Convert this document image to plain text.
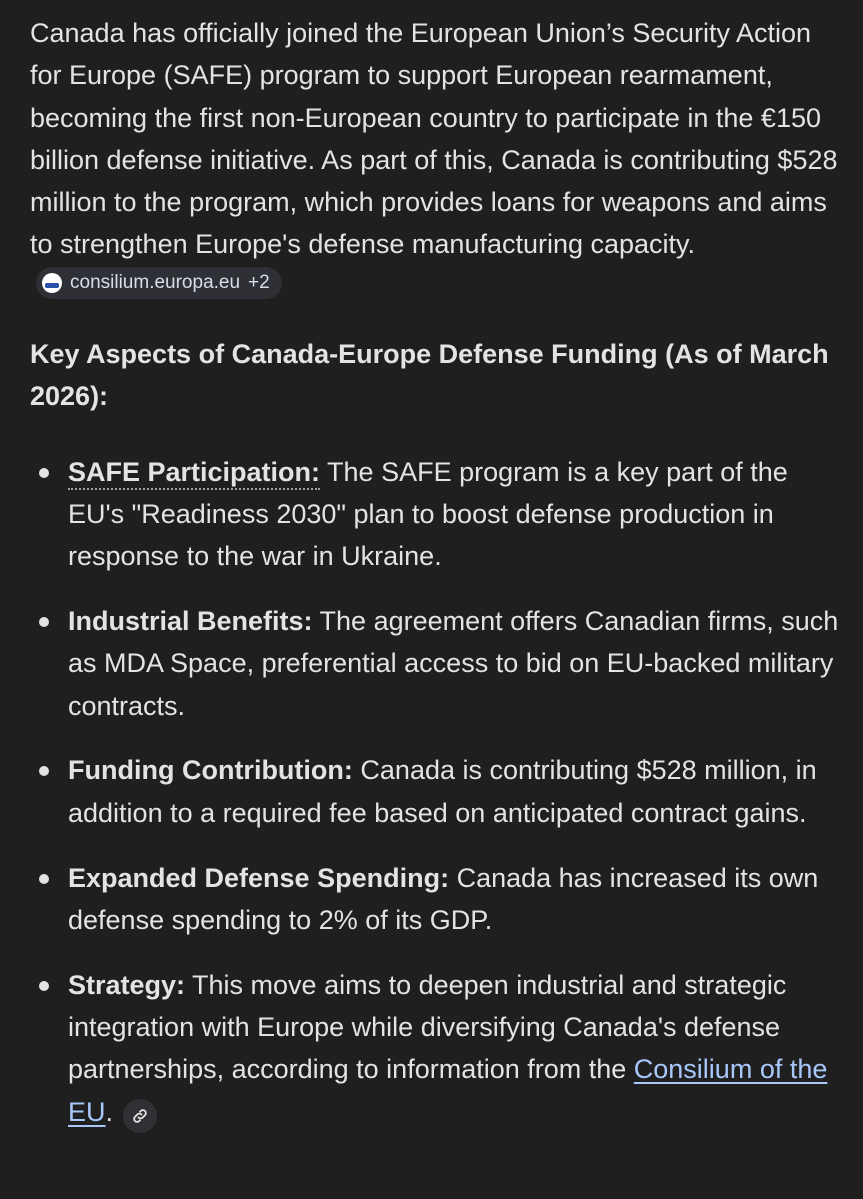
Canada has officially joined the European Union’s Security Action for Europe (SAFE) program to support European rearmament, becoming the first non-European country to participate in the €150 billion defense initiative. As part of this, Canada is contributing $528 million to the program, which provides loans for weapons and aims to strengthen Europe's defense manufacturing capacity.
consilium.europa.eu +2

Key Aspects of Canada-Europe Defense Funding (As of March 2026):

SAFE Participation: The SAFE program is a key part of the EU's "Readiness 2030" plan to boost defense production in response to the war in Ukraine.
Industrial Benefits: The agreement offers Canadian firms, such as MDA Space, preferential access to bid on EU-backed military contracts.
Funding Contribution: Canada is contributing $528 million, in addition to a required fee based on anticipated contract gains.
Expanded Defense Spending: Canada has increased its own defense spending to 2% of its GDP.
Strategy: This move aims to deepen industrial and strategic integration with Europe while diversifying Canada's defense partnerships, according to information from the Consilium of the EU.
